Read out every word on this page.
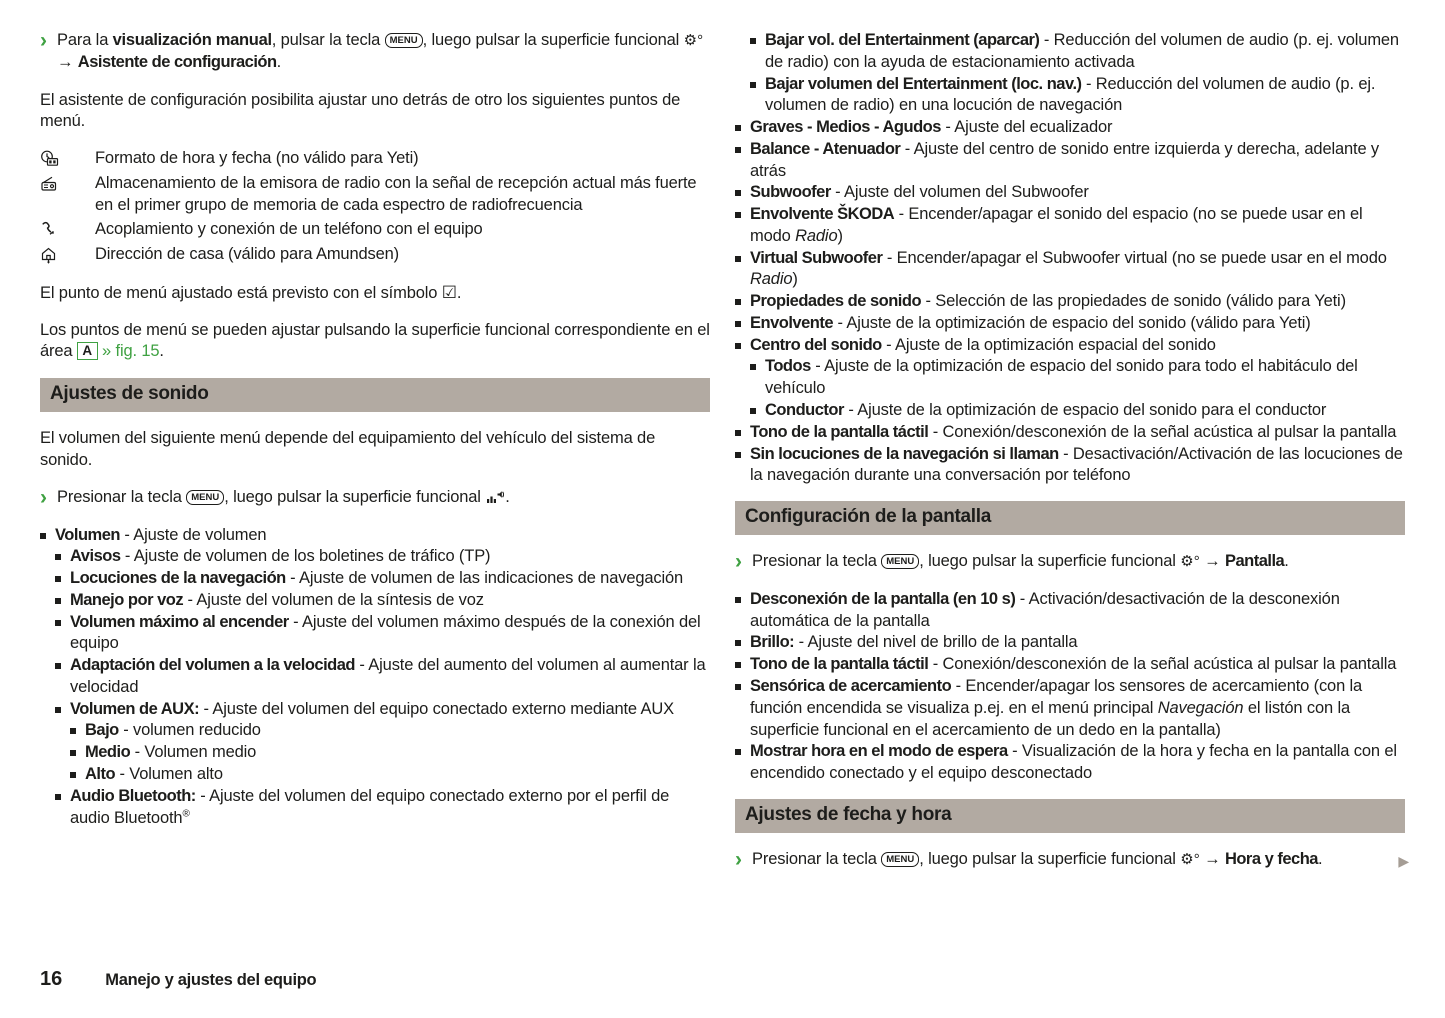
› Para la visualización manual, pulsar la tecla MENU , luego pulsar la superficie funcional ⚙° → Asistente de configuración.

El asistente de configuración posibilita ajustar uno detrás de otro los siguientes puntos de menú.

Formato de hora y fecha (no válido para Yeti)
Almacenamiento de la emisora de radio con la señal de recepción actual más fuerte en el primer grupo de memoria de cada espectro de radiofrecuencia
Acoplamiento y conexión de un teléfono con el equipo
Dirección de casa (válido para Amundsen)

El punto de menú ajustado está previsto con el símbolo ☑.

Los puntos de menú se pueden ajustar pulsando la superficie funcional correspondiente en el área A » fig. 15.

Ajustes de sonido

El volumen del siguiente menú depende del equipamiento del vehículo del sistema de sonido.

› Presionar la tecla MENU , luego pulsar la superficie funcional .

Volumen - Ajuste de volumen
Avisos - Ajuste de volumen de los boletines de tráfico (TP)
Locuciones de la navegación - Ajuste de volumen de las indicaciones de navegación
Manejo por voz - Ajuste del volumen de la síntesis de voz
Volumen máximo al encender - Ajuste del volumen máximo después de la conexión del equipo
Adaptación del volumen a la velocidad - Ajuste del aumento del volumen al aumentar la velocidad
Volumen de AUX: - Ajuste del volumen del equipo conectado externo mediante AUX
Bajo - volumen reducido
Medio - Volumen medio
Alto - Volumen alto
Audio Bluetooth: - Ajuste del volumen del equipo conectado externo por el perfil de audio Bluetooth®
Bajar vol. del Entertainment (aparcar) - Reducción del volumen de audio (p. ej. volumen de radio) con la ayuda de estacionamiento activada
Bajar volumen del Entertainment (loc. nav.) - Reducción del volumen de audio (p. ej. volumen de radio) en una locución de navegación
Graves - Medios - Agudos - Ajuste del ecualizador
Balance - Atenuador - Ajuste del centro de sonido entre izquierda y derecha, adelante y atrás
Subwoofer - Ajuste del volumen del Subwoofer
Envolvente ŠKODA - Encender/apagar el sonido del espacio (no se puede usar en el modo Radio)
Virtual Subwoofer - Encender/apagar el Subwoofer virtual (no se puede usar en el modo Radio)
Propiedades de sonido - Selección de las propiedades de sonido (válido para Yeti)
Envolvente - Ajuste de la optimización de espacio del sonido (válido para Yeti)
Centro del sonido - Ajuste de la optimización espacial del sonido
Todos - Ajuste de la optimización de espacio del sonido para todo el habitáculo del vehículo
Conductor - Ajuste de la optimización de espacio del sonido para el conductor
Tono de la pantalla táctil - Conexión/desconexión de la señal acústica al pulsar la pantalla
Sin locuciones de la navegación si llaman - Desactivación/Activación de las locuciones de la navegación durante una conversación por teléfono
Configuración de la pantalla

› Presionar la tecla MENU , luego pulsar la superficie funcional ⚙° → Pantalla.

Desconexión de la pantalla (en 10 s) - Activación/desactivación de la desconexión automática de la pantalla
Brillo: - Ajuste del nivel de brillo de la pantalla
Tono de la pantalla táctil - Conexión/desconexión de la señal acústica al pulsar la pantalla
Sensórica de acercamiento - Encender/apagar los sensores de acercamiento (con la función encendida se visualiza p.ej. en el menú principal Navegación el listón con la superficie funcional en el acercamiento de un dedo en la pantalla)
Mostrar hora en el modo de espera - Visualización de la hora y fecha en la pantalla con el encendido conectado y el equipo desconectado
Ajustes de fecha y hora

› Presionar la tecla MENU , luego pulsar la superficie funcional ⚙° → Hora y fecha.	▶

16	Manejo y ajustes del equipo
